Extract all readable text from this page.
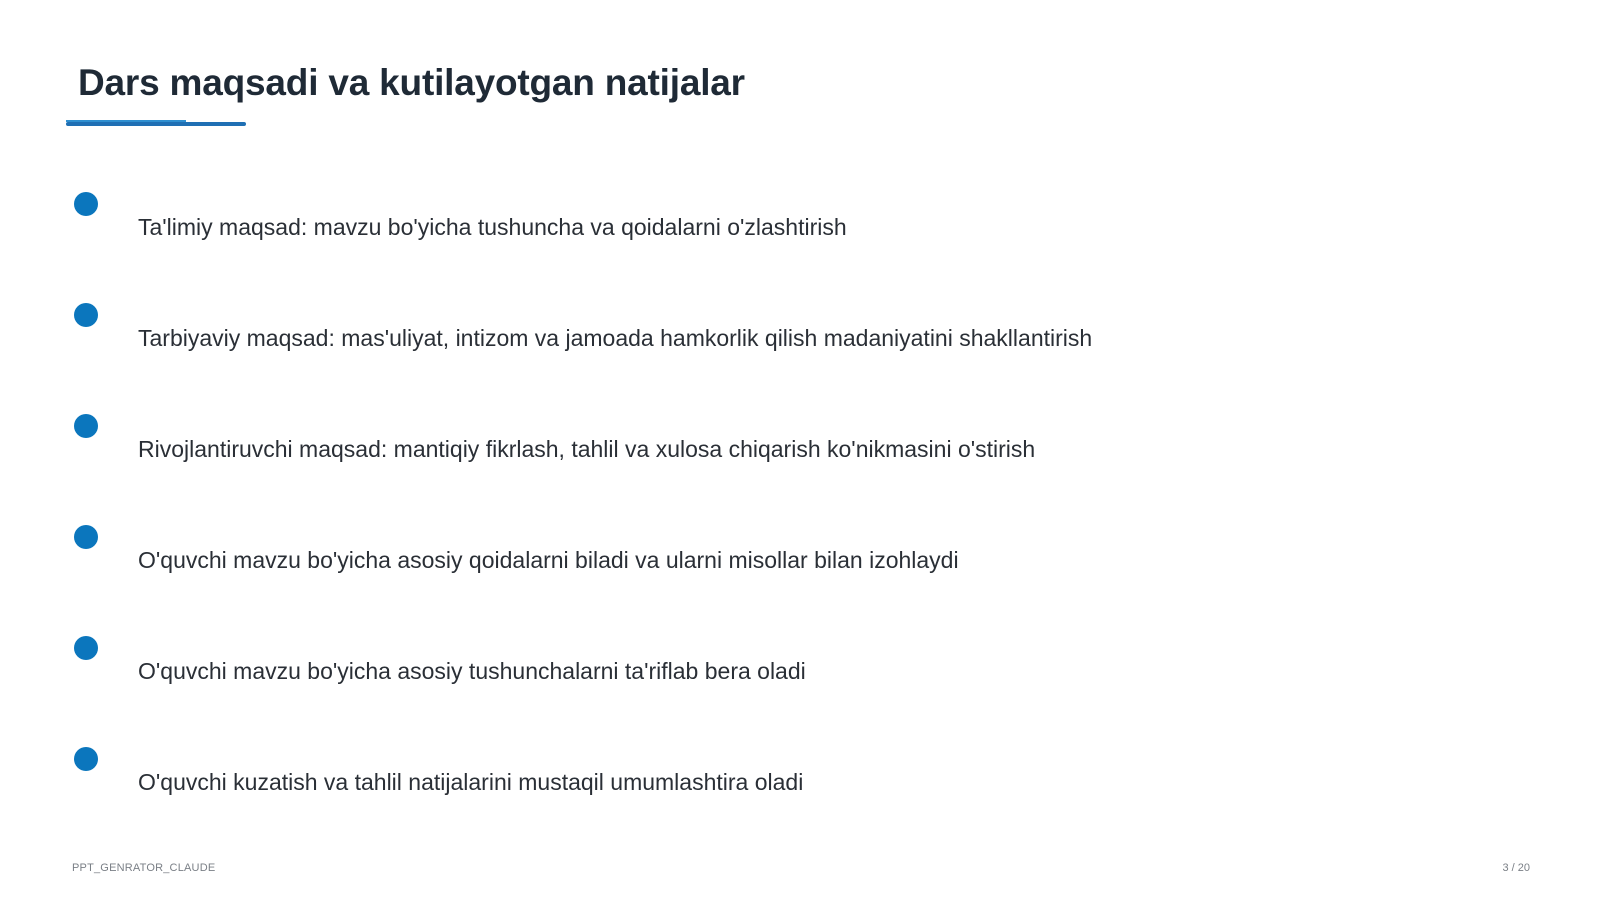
Dars maqsadi va kutilayotgan natijalar
Ta'limiy maqsad: mavzu bo'yicha tushuncha va qoidalarni o'zlashtirish
Tarbiyaviy maqsad: mas'uliyat, intizom va jamoada hamkorlik qilish madaniyatini shakllantirish
Rivojlantiruvchi maqsad: mantiqiy fikrlash, tahlil va xulosa chiqarish ko'nikmasini o'stirish
O'quvchi mavzu bo'yicha asosiy qoidalarni biladi va ularni misollar bilan izohlaydi
O'quvchi mavzu bo'yicha asosiy tushunchalarni ta'riflab bera oladi
O'quvchi kuzatish va tahlil natijalarini mustaqil umumlashtira oladi
PPT_GENRATOR_CLAUDE	3 / 20
